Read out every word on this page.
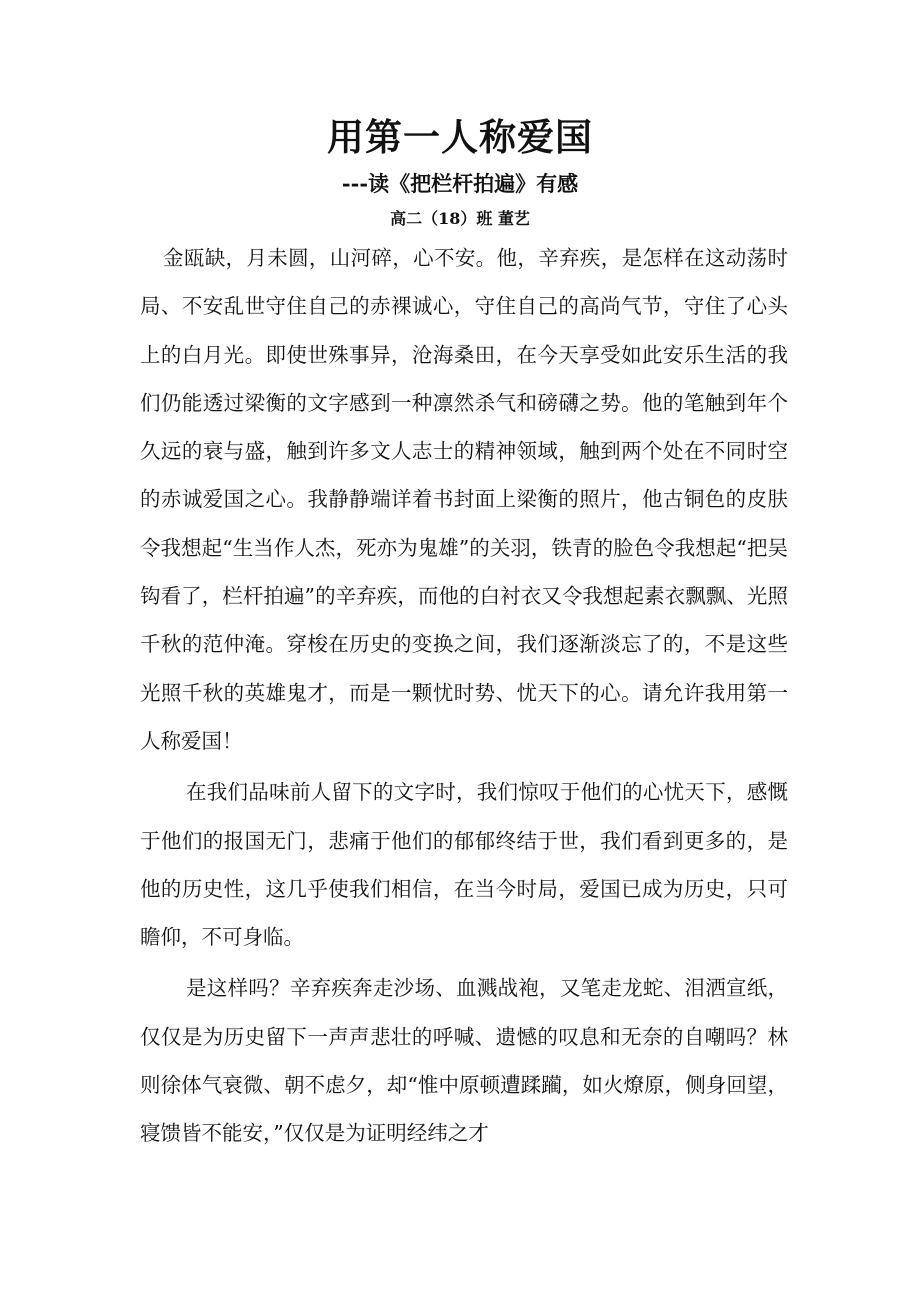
用第一人称爱国
---读《把栏杆拍遍》有感
高二（18）班 董艺

金瓯缺，月未圆，山河碎，心不安。他，辛弃疾，是怎样在这动荡时局、不安乱世守住自己的赤裸诚心，守住自己的高尚气节，守住了心头上的白月光。即使世殊事异，沧海桑田，在今天享受如此安乐生活的我们仍能透过梁衡的文字感到一种凛然杀气和磅礴之势。他的笔触到年个久远的衰与盛，触到许多文人志士的精神领域，触到两个处在不同时空的赤诚爱国之心。我静静端详着书封面上梁衡的照片，他古铜色的皮肤令我想起“生当作人杰，死亦为鬼雄”的关羽，铁青的脸色令我想起“把吴钩看了，栏杆拍遍”的辛弃疾，而他的白衬衣又令我想起素衣飘飘、光照千秋的范仲淹。穿梭在历史的变换之间，我们逐渐淡忘了的，不是这些光照千秋的英雄鬼才，而是一颗忧时势、忧天下的心。请允许我用第一人称爱国！

在我们品味前人留下的文字时，我们惊叹于他们的心忧天下，感慨于他们的报国无门，悲痛于他们的郁郁终结于世，我们看到更多的，是他的历史性，这几乎使我们相信，在当今时局，爱国已成为历史，只可瞻仰，不可身临。

是这样吗？辛弃疾奔走沙场、血溅战袍，又笔走龙蛇、泪洒宣纸，仅仅是为历史留下一声声悲壮的呼喊、遗憾的叹息和无奈的自嘲吗？林则徐体气衰微、朝不虑夕，却“惟中原顿遭蹂躏，如火燎原，侧身回望，寝馈皆不能安，”仅仅是为证明经纬之才
